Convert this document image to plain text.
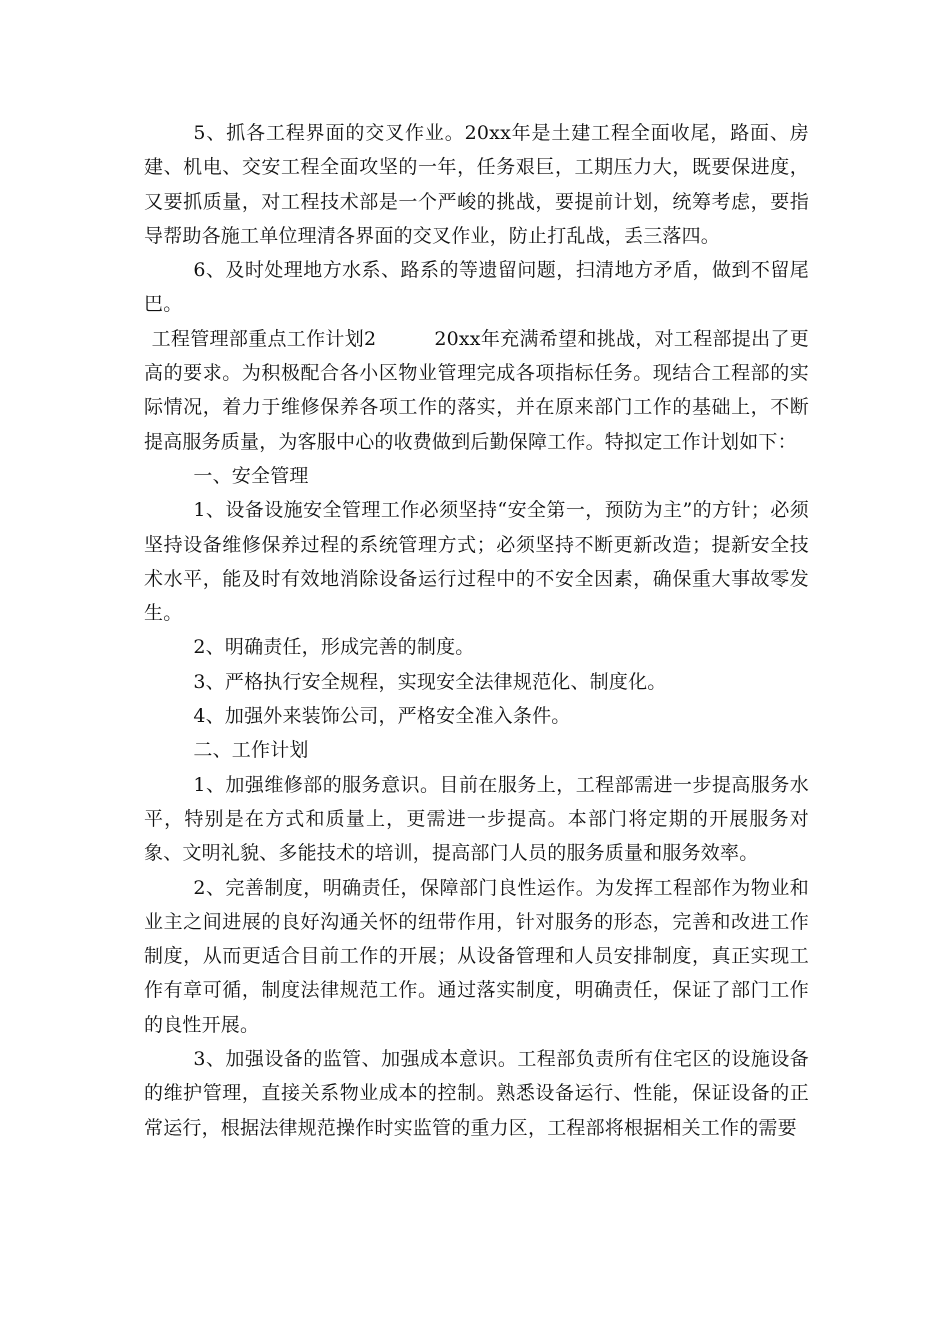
5、抓各工程界面的交叉作业。20xx年是土建工程全面收尾，路面、房建、机电、交安工程全面攻坚的一年，任务艰巨，工期压力大，既要保进度，又要抓质量，对工程技术部是一个严峻的挑战，要提前计划，统筹考虑，要指导帮助各施工单位理清各界面的交叉作业，防止打乱战，丢三落四。

6、及时处理地方水系、路系的等遗留问题，扫清地方矛盾，做到不留尾巴。

工程管理部重点工作计划2	20xx年充满希望和挑战，对工程部提出了更高的要求。为积极配合各小区物业管理完成各项指标任务。现结合工程部的实际情况，着力于维修保养各项工作的落实，并在原来部门工作的基础上，不断提高服务质量，为客服中心的收费做到后勤保障工作。特拟定工作计划如下：

一、安全管理

1、设备设施安全管理工作必须坚持“安全第一，预防为主”的方针；必须坚持设备维修保养过程的系统管理方式；必须坚持不断更新改造；提新安全技术水平，能及时有效地消除设备运行过程中的不安全因素，确保重大事故零发生。

2、明确责任，形成完善的制度。

3、严格执行安全规程，实现安全法律规范化、制度化。

4、加强外来装饰公司，严格安全准入条件。

二、工作计划

1、加强维修部的服务意识。目前在服务上，工程部需进一步提高服务水平，特别是在方式和质量上，更需进一步提高。本部门将定期的开展服务对象、文明礼貌、多能技术的培训，提高部门人员的服务质量和服务效率。

2、完善制度，明确责任，保障部门良性运作。为发挥工程部作为物业和业主之间进展的良好沟通关怀的纽带作用，针对服务的形态，完善和改进工作制度，从而更适合目前工作的开展；从设备管理和人员安排制度，真正实现工作有章可循，制度法律规范工作。通过落实制度，明确责任，保证了部门工作的良性开展。

3、加强设备的监管、加强成本意识。工程部负责所有住宅区的设施设备的维护管理，直接关系物业成本的控制。熟悉设备运行、性能，保证设备的正常运行，根据法律规范操作时实监管的重力区，工程部将根据相关工作的需要
